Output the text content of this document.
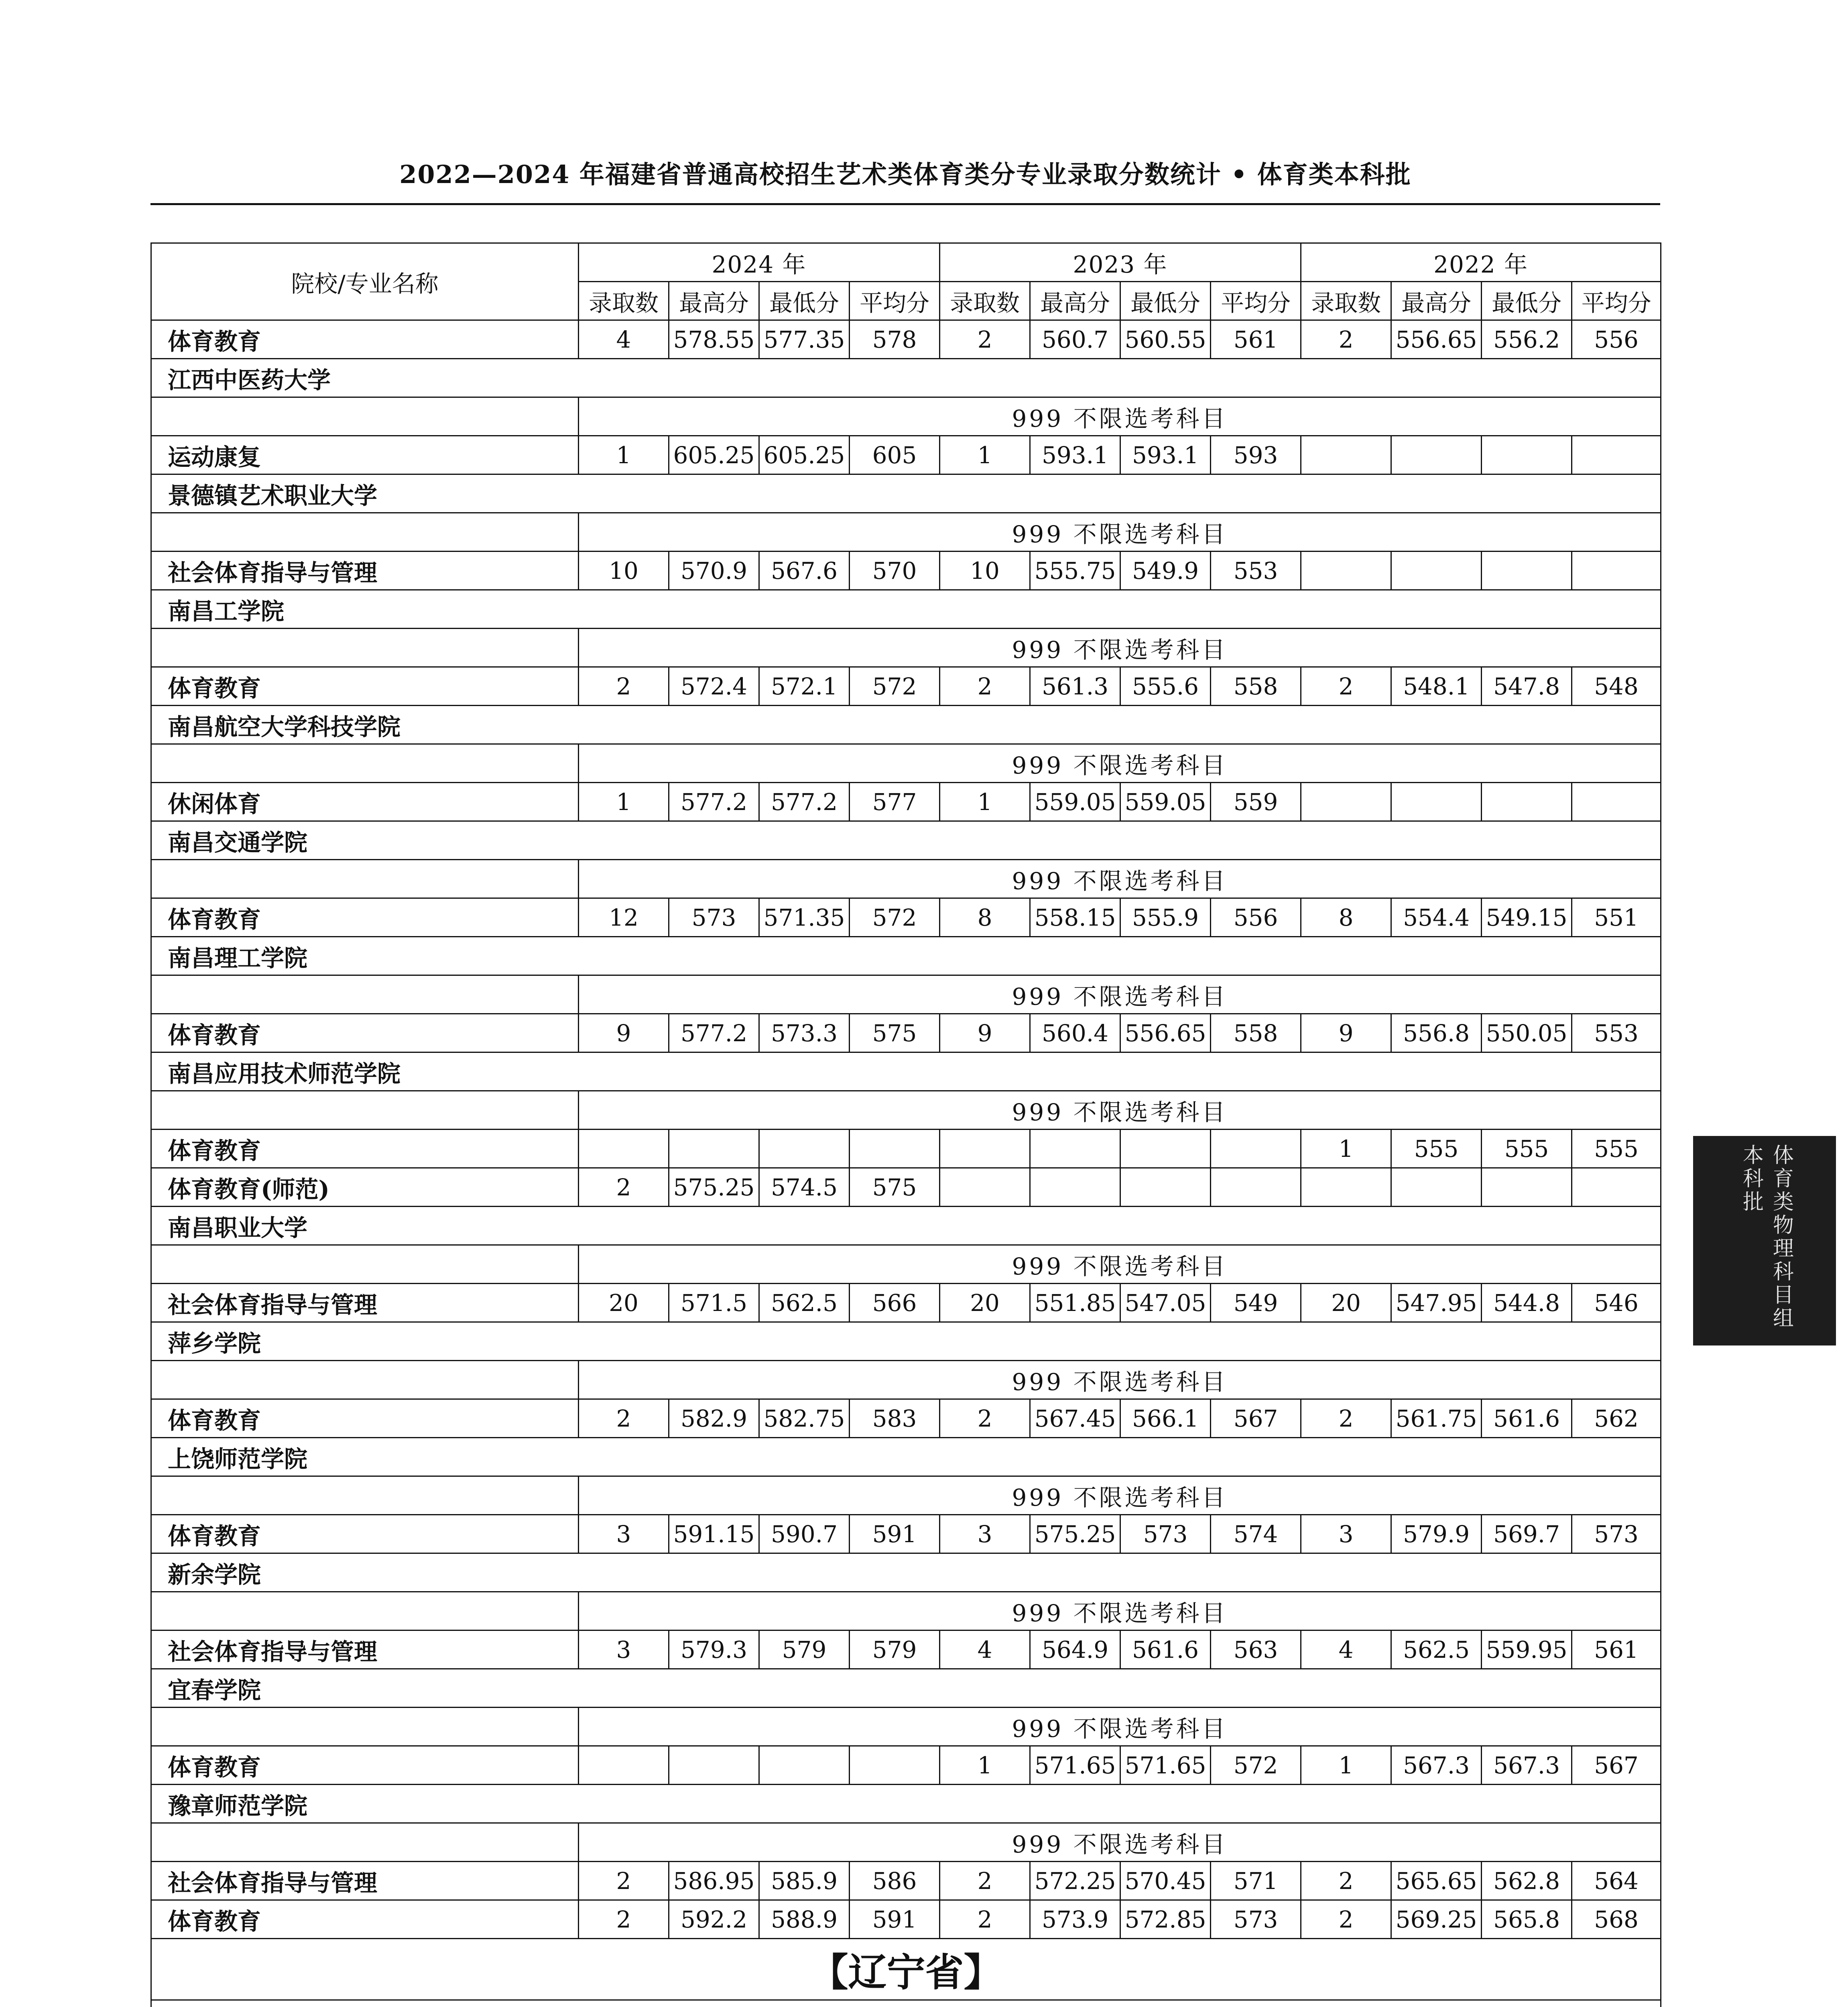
2022—2024 年福建省普通高校招生艺术类体育类分专业录取分数统计 • 体育类本科批
院校/专业名称	2024 年				2023 年				2022 年			
	录取数	最高分	最低分	平均分	录取数	最高分	最低分	平均分	录取数	最高分	最低分	平均分
体育教育	4	578.55	577.35	578	2	560.7	560.55	561	2	556.65	556.2	556
江西中医药大学												
	999 不限选考科目											
运动康复	1	605.25	605.25	605	1	593.1	593.1	593				
景德镇艺术职业大学												
	999 不限选考科目											
社会体育指导与管理	10	570.9	567.6	570	10	555.75	549.9	553				
南昌工学院												
	999 不限选考科目											
体育教育	2	572.4	572.1	572	2	561.3	555.6	558	2	548.1	547.8	548
南昌航空大学科技学院												
	999 不限选考科目											
休闲体育	1	577.2	577.2	577	1	559.05	559.05	559				
南昌交通学院												
	999 不限选考科目											
体育教育	12	573	571.35	572	8	558.15	555.9	556	8	554.4	549.15	551
南昌理工学院												
	999 不限选考科目											
体育教育	9	577.2	573.3	575	9	560.4	556.65	558	9	556.8	550.05	553
南昌应用技术师范学院												
	999 不限选考科目											
体育教育									1	555	555	555
体育教育(师范)	2	575.25	574.5	575								
南昌职业大学												
	999 不限选考科目											
社会体育指导与管理	20	571.5	562.5	566	20	551.85	547.05	549	20	547.95	544.8	546
萍乡学院												
	999 不限选考科目											
体育教育	2	582.9	582.75	583	2	567.45	566.1	567	2	561.75	561.6	562
上饶师范学院												
	999 不限选考科目											
体育教育	3	591.15	590.7	591	3	575.25	573	574	3	579.9	569.7	573
新余学院												
	999 不限选考科目											
社会体育指导与管理	3	579.3	579	579	4	564.9	561.6	563	4	562.5	559.95	561
宜春学院												
	999 不限选考科目											
体育教育					1	571.65	571.65	572	1	567.3	567.3	567
豫章师范学院												
	999 不限选考科目											
社会体育指导与管理	2	586.95	585.9	586	2	572.25	570.45	571	2	565.65	562.8	564
体育教育	2	592.2	588.9	591	2	573.9	572.85	573	2	569.25	565.8	568
【辽宁省】												

体育类物理科目组
本科批
